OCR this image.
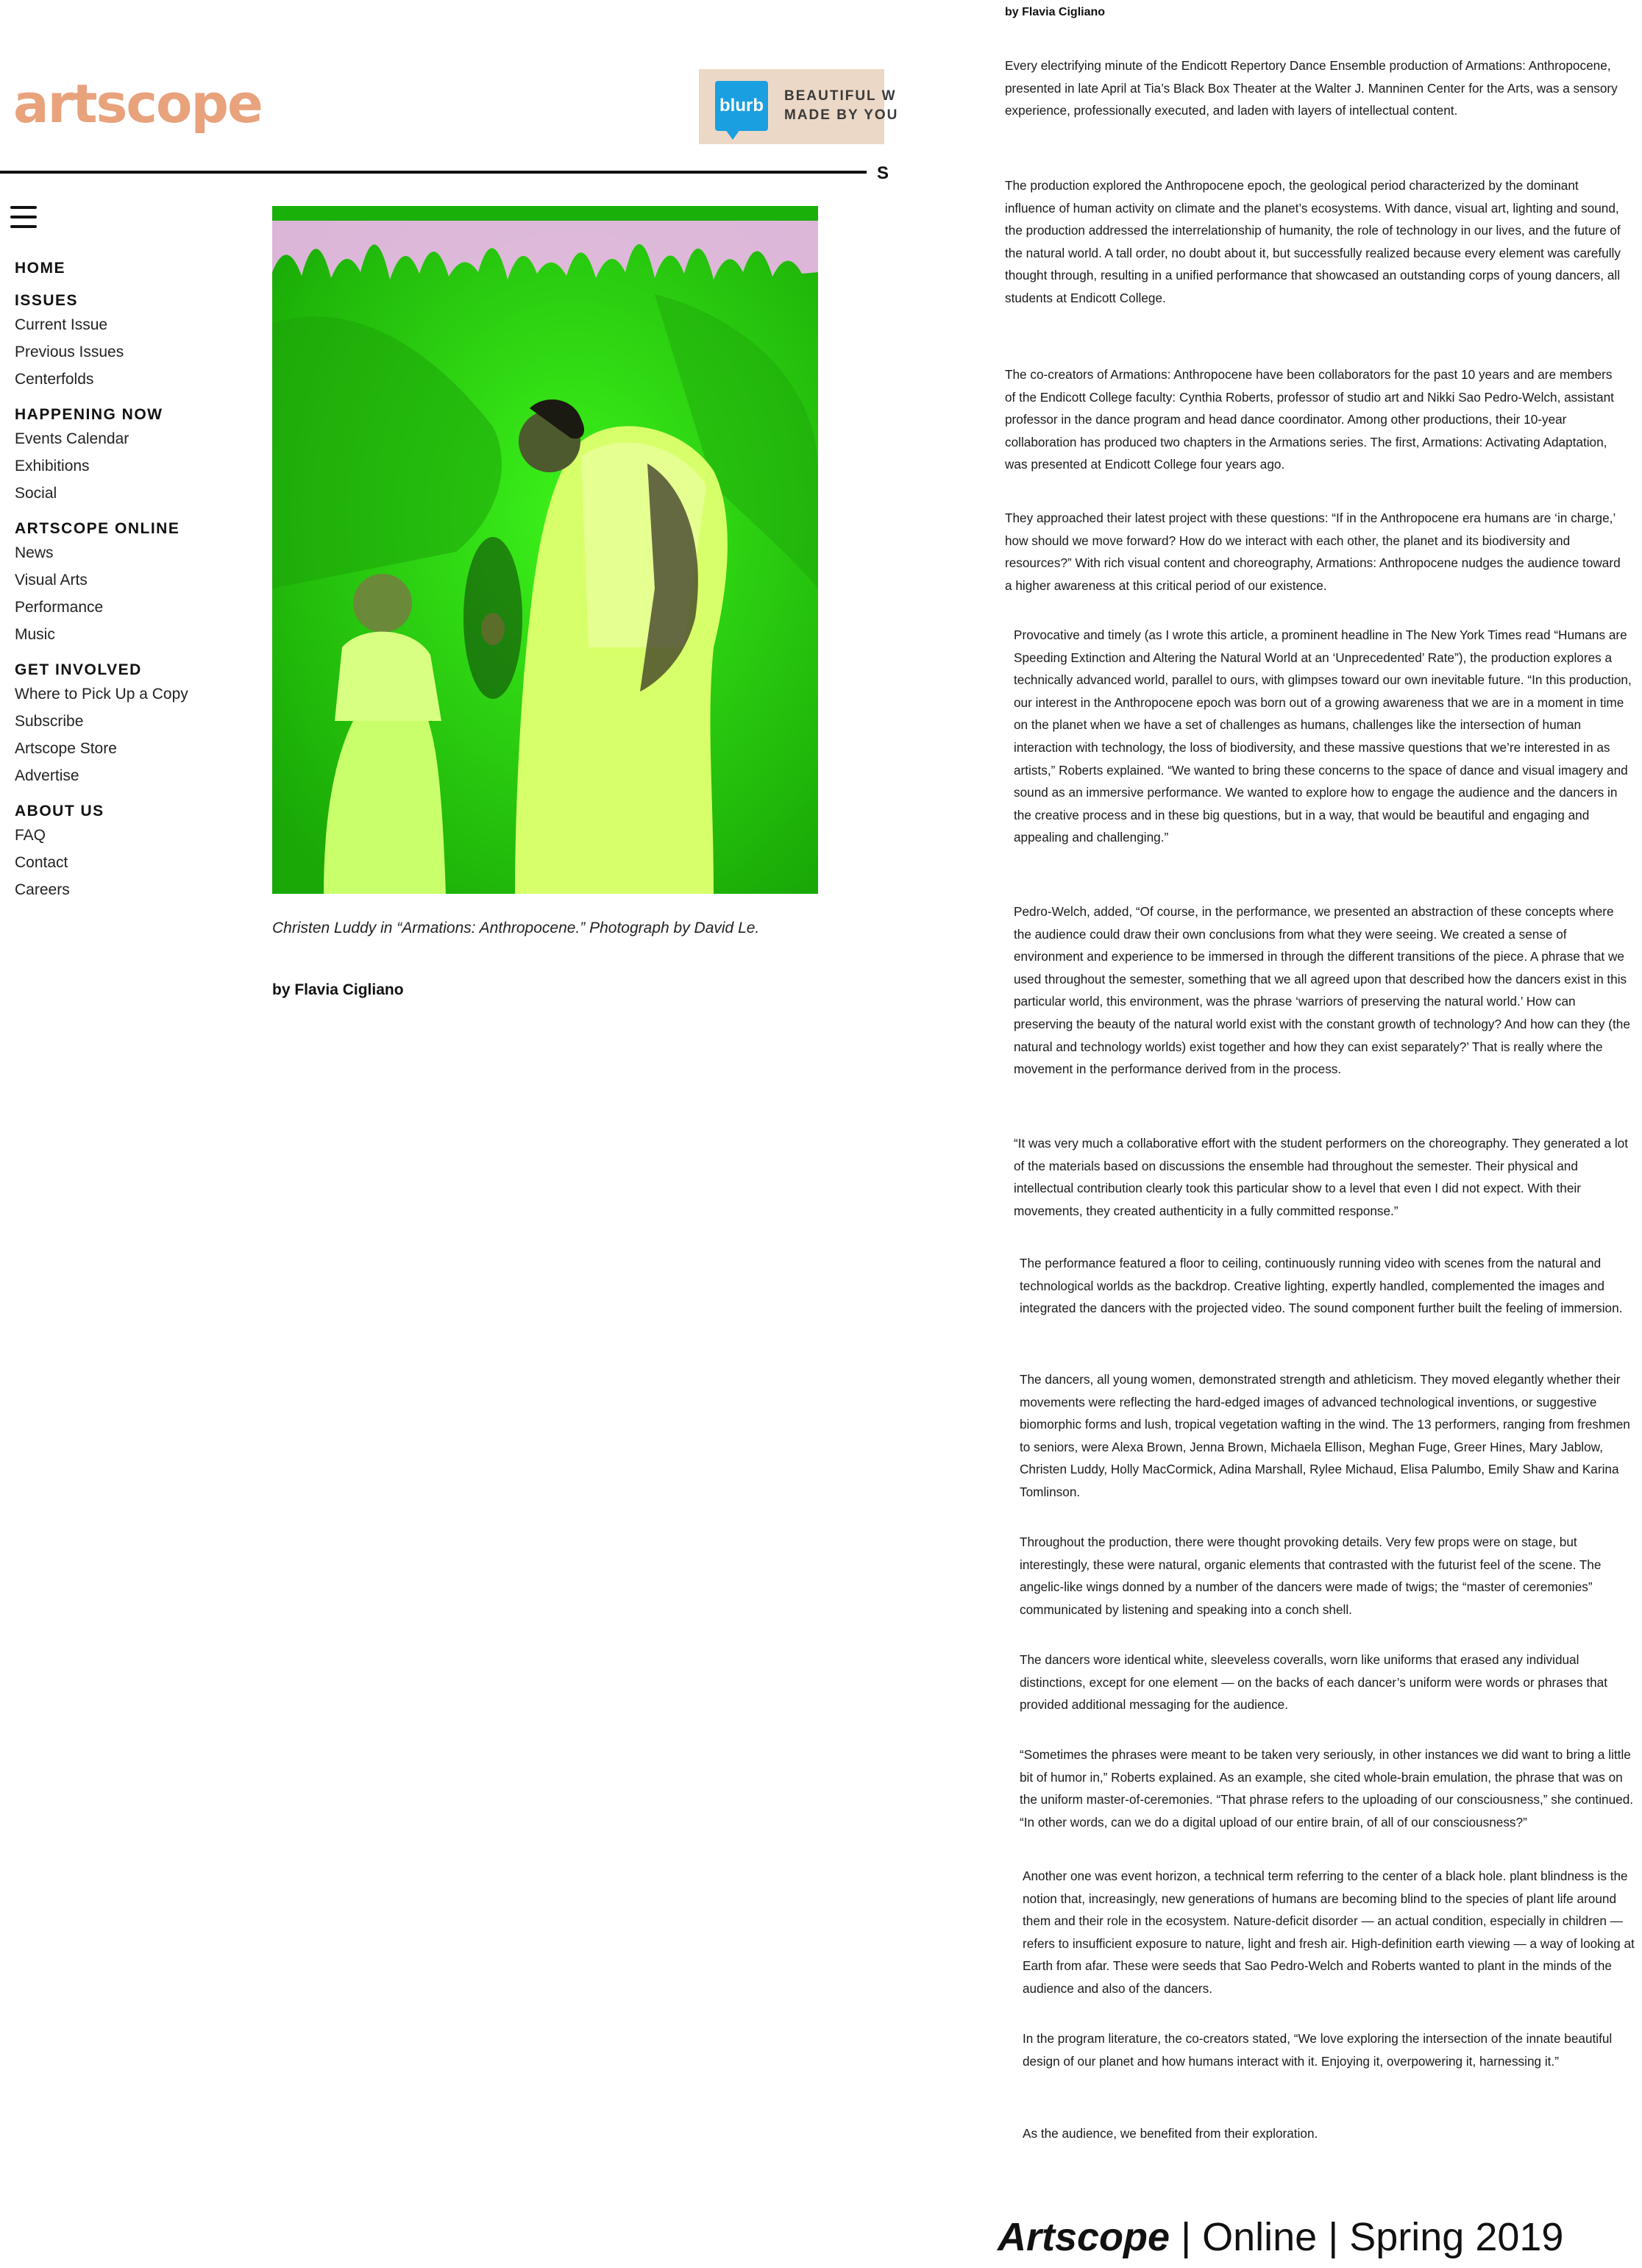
artscope	blurb	BEAUTIFUL W
MADE BY YOU
S
HOME
ISSUES
Current Issue
Previous Issues
Centerfolds
HAPPENING NOW
Events Calendar
Exhibitions
Social
ARTSCOPE ONLINE
News
Visual Arts
Performance
Music
GET INVOLVED
Where to Pick Up a Copy
Subscribe
Artscope Store
Advertise
ABOUT US
FAQ
Contact
Careers
Christen Luddy in “Armations: Anthropocene.” Photograph by David Le.
by Flavia Cigliano
by Flavia Cigliano

Every electrifying minute of the Endicott Repertory Dance Ensemble production of Armations: Anthropocene, presented in late April at Tia’s Black Box Theater at the Walter J. Manninen Center for the Arts, was a sensory experience, professionally executed, and laden with layers of intellectual content.

The production explored the Anthropocene epoch, the geological period characterized by the dominant influence of human activity on climate and the planet’s ecosystems. With dance, visual art, lighting and sound, the production addressed the interrelationship of humanity, the role of technology in our lives, and the future of the natural world. A tall order, no doubt about it, but successfully realized because every element was carefully thought through, resulting in a unified performance that showcased an outstanding corps of young dancers, all students at Endicott College.

The co-creators of Armations: Anthropocene have been collaborators for the past 10 years and are members of the Endicott College faculty: Cynthia Roberts, professor of studio art and Nikki Sao Pedro-Welch, assistant professor in the dance program and head dance coordinator. Among other productions, their 10-year collaboration has produced two chapters in the Armations series. The first, Armations: Activating Adaptation, was presented at Endicott College four years ago.

They approached their latest project with these questions: “If in the Anthropocene era humans are ‘in charge,’ how should we move forward? How do we interact with each other, the planet and its biodiversity and resources?” With rich visual content and choreography, Armations: Anthropocene nudges the audience toward a higher awareness at this critical period of our existence.

Provocative and timely (as I wrote this article, a prominent headline in The New York Times read “Humans are Speeding Extinction and Altering the Natural World at an ‘Unprecedented’ Rate”), the production explores a technically advanced world, parallel to ours, with glimpses toward our own inevitable future. “In this production, our interest in the Anthropocene epoch was born out of a growing awareness that we are in a moment in time on the planet when we have a set of challenges as humans, challenges like the intersection of human interaction with technology, the loss of biodiversity, and these massive questions that we’re interested in as artists,” Roberts explained. “We wanted to bring these concerns to the space of dance and visual imagery and sound as an immersive performance. We wanted to explore how to engage the audience and the dancers in the creative process and in these big questions, but in a way, that would be beautiful and engaging and appealing and challenging.”

Pedro-Welch, added, “Of course, in the performance, we presented an abstraction of these concepts where the audience could draw their own conclusions from what they were seeing. We created a sense of environment and experience to be immersed in through the different transitions of the piece. A phrase that we used throughout the semester, something that we all agreed upon that described how the dancers exist in this particular world, this environment, was the phrase ‘warriors of preserving the natural world.’ How can preserving the beauty of the natural world exist with the constant growth of technology? And how can they (the natural and technology worlds) exist together and how they can exist separately?’ That is really where the movement in the performance derived from in the process.

“It was very much a collaborative effort with the student performers on the choreography. They generated a lot of the materials based on discussions the ensemble had throughout the semester. Their physical and intellectual contribution clearly took this particular show to a level that even I did not expect. With their movements, they created authenticity in a fully committed response.”

The performance featured a floor to ceiling, continuously running video with scenes from the natural and technological worlds as the backdrop. Creative lighting, expertly handled, complemented the images and integrated the dancers with the projected video. The sound component further built the feeling of immersion.

The dancers, all young women, demonstrated strength and athleticism. They moved elegantly whether their movements were reflecting the hard-edged images of advanced technological inventions, or suggestive biomorphic forms and lush, tropical vegetation wafting in the wind. The 13 performers, ranging from freshmen to seniors, were Alexa Brown, Jenna Brown, Michaela Ellison, Meghan Fuge, Greer Hines, Mary Jablow, Christen Luddy, Holly MacCormick, Adina Marshall, Rylee Michaud, Elisa Palumbo, Emily Shaw and Karina Tomlinson.

Throughout the production, there were thought provoking details. Very few props were on stage, but interestingly, these were natural, organic elements that contrasted with the futurist feel of the scene. The angelic-like wings donned by a number of the dancers were made of twigs; the “master of ceremonies” communicated by listening and speaking into a conch shell.

The dancers wore identical white, sleeveless coveralls, worn like uniforms that erased any individual distinctions, except for one element — on the backs of each dancer’s uniform were words or phrases that provided additional messaging for the audience.

“Sometimes the phrases were meant to be taken very seriously, in other instances we did want to bring a little bit of humor in,” Roberts explained. As an example, she cited whole-brain emulation, the phrase that was on the uniform master-of-ceremonies. “That phrase refers to the uploading of our consciousness,” she continued. “In other words, can we do a digital upload of our entire brain, of all of our consciousness?”

Another one was event horizon, a technical term referring to the center of a black hole. plant blindness is the notion that, increasingly, new generations of humans are becoming blind to the species of plant life around them and their role in the ecosystem. Nature-deficit disorder — an actual condition, especially in children — refers to insufficient exposure to nature, light and fresh air. High-definition earth viewing — a way of looking at Earth from afar. These were seeds that Sao Pedro-Welch and Roberts wanted to plant in the minds of the audience and also of the dancers.

In the program literature, the co-creators stated, “We love exploring the intersection of the innate beautiful design of our planet and how humans interact with it. Enjoying it, overpowering it, harnessing it.”

As the audience, we benefited from their exploration.

Artscope | Online | Spring 2019
